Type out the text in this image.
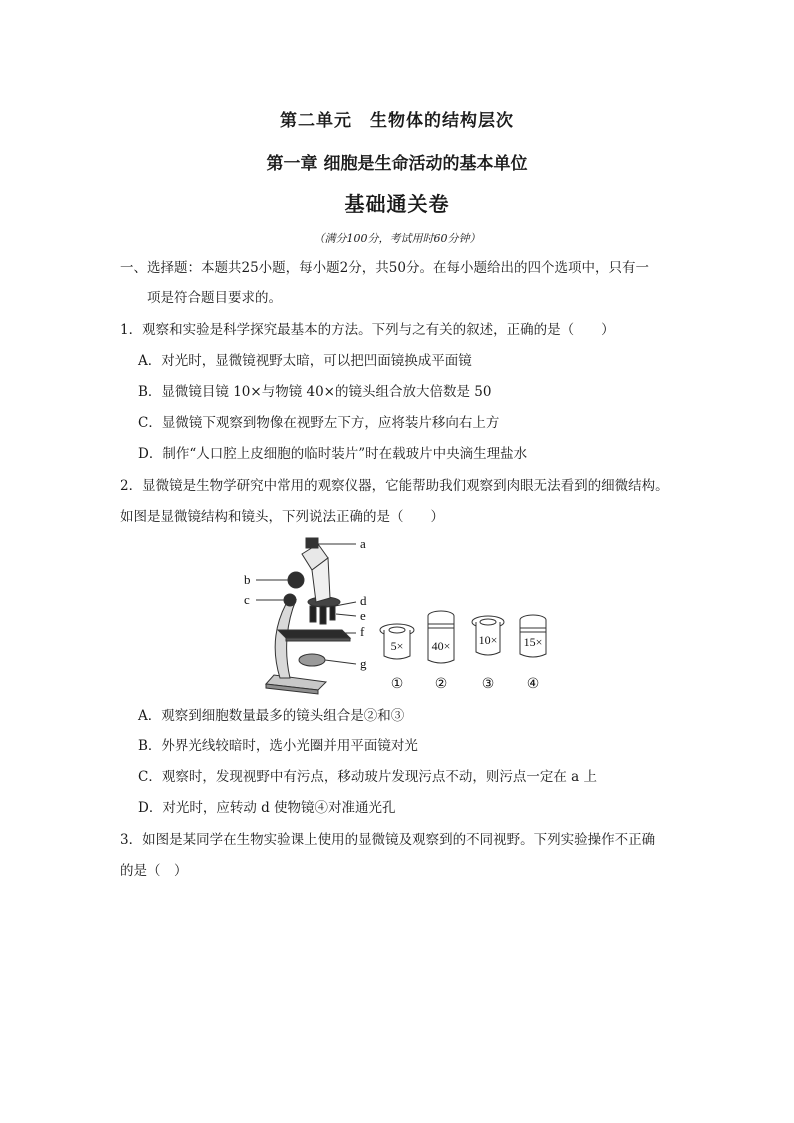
第二单元　生物体的结构层次
第一章 细胞是生命活动的基本单位
基础通关卷
（满分100分，考试用时60分钟）
一、选择题：本题共25小题，每小题2分，共50分。在每小题给出的四个选项中，只有一
项是符合题目要求的。
1．观察和实验是科学探究最基本的方法。下列与之有关的叙述，正确的是（　　）
A．对光时，显微镜视野太暗，可以把凹面镜换成平面镜
B．显微镜目镜 10×与物镜 40×的镜头组合放大倍数是 50
C．显微镜下观察到物像在视野左下方，应将装片移向右上方
D．制作“人口腔上皮细胞的临时装片”时在载玻片中央滴生理盐水
2．显微镜是生物学研究中常用的观察仪器，它能帮助我们观察到肉眼无法看到的细微结构。
如图是显微镜结构和镜头，下列说法正确的是（　　）
a
b
c	d
e
f
g
5× 40× 10× 15×
① ② ③ ④
A．观察到细胞数量最多的镜头组合是②和③
B．外界光线较暗时，选小光圈并用平面镜对光
C．观察时，发现视野中有污点，移动玻片发现污点不动，则污点一定在 a 上
D．对光时，应转动 d 使物镜④对准通光孔
3．如图是某同学在生物实验课上使用的显微镜及观察到的不同视野。下列实验操作不正确
的是（　）
